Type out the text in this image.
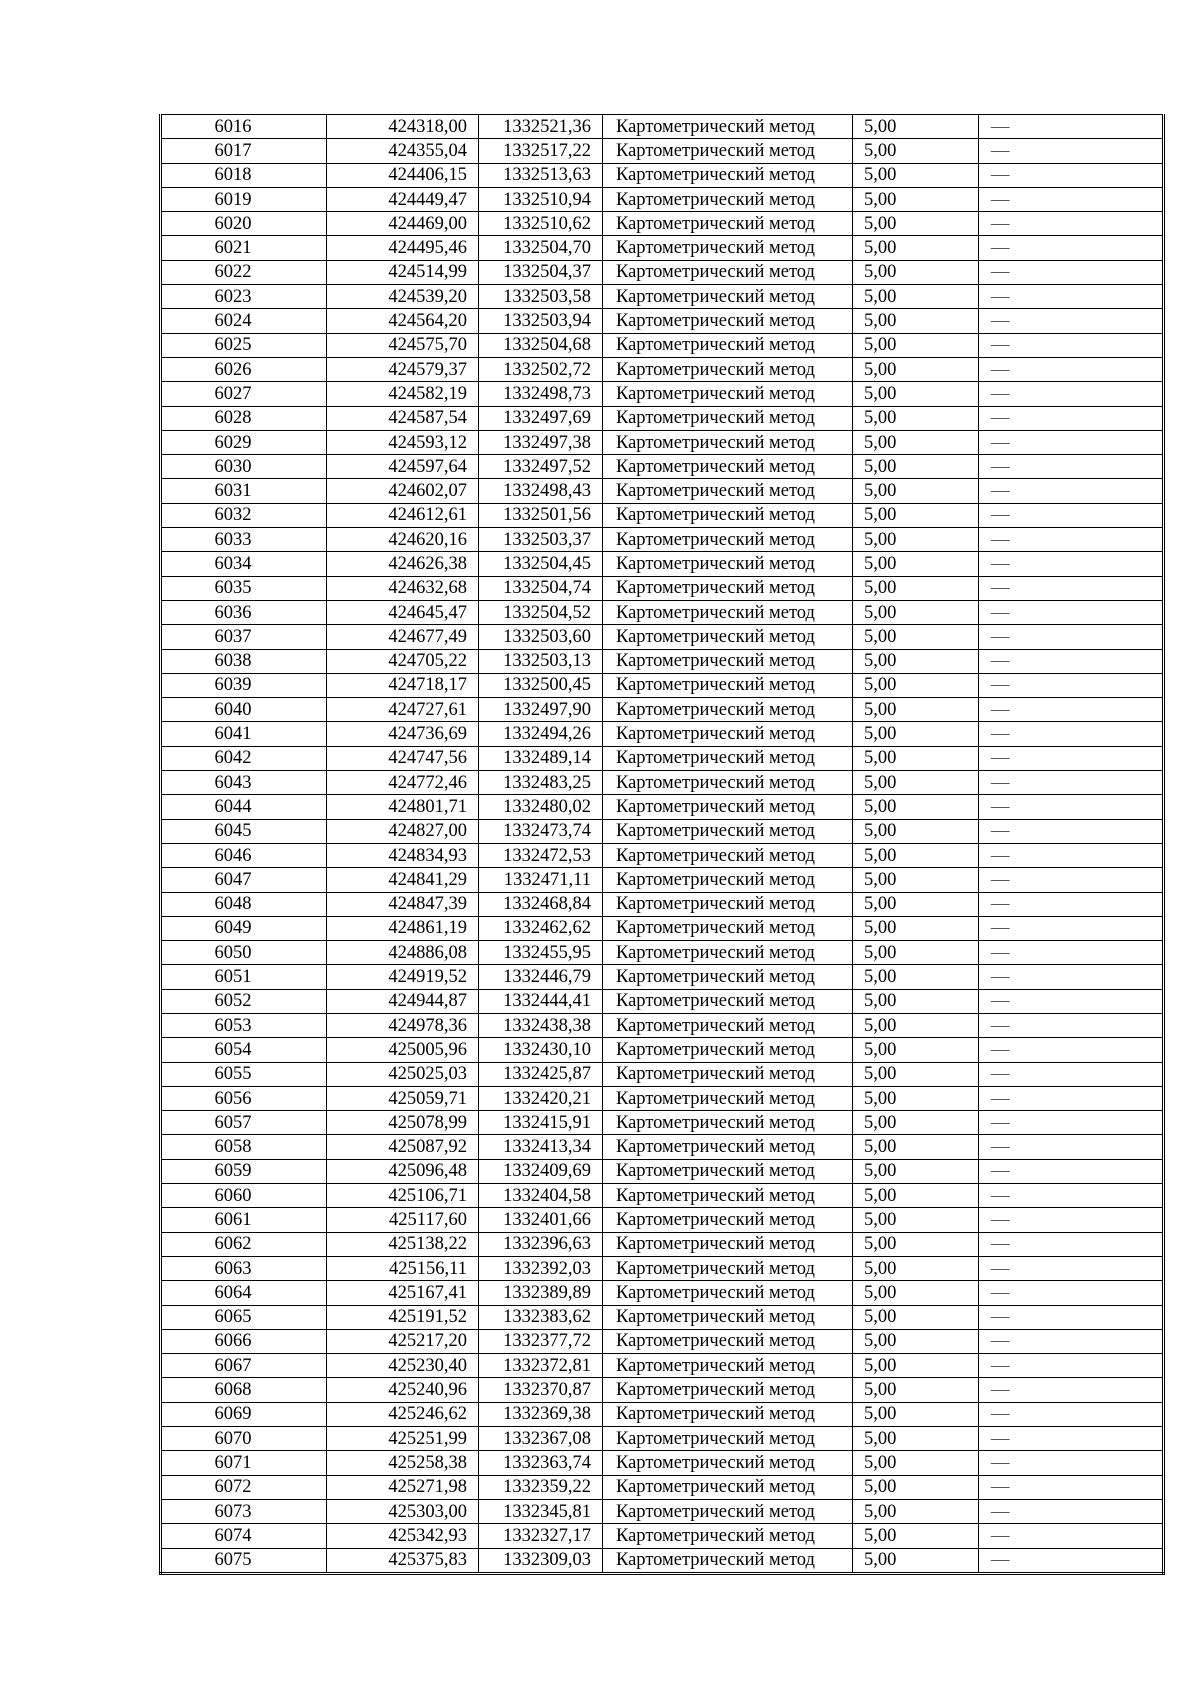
6016	424318,00	1332521,36	Картометрический метод	5,00	—
6017	424355,04	1332517,22	Картометрический метод	5,00	—
6018	424406,15	1332513,63	Картометрический метод	5,00	—
6019	424449,47	1332510,94	Картометрический метод	5,00	—
6020	424469,00	1332510,62	Картометрический метод	5,00	—
6021	424495,46	1332504,70	Картометрический метод	5,00	—
6022	424514,99	1332504,37	Картометрический метод	5,00	—
6023	424539,20	1332503,58	Картометрический метод	5,00	—
6024	424564,20	1332503,94	Картометрический метод	5,00	—
6025	424575,70	1332504,68	Картометрический метод	5,00	—
6026	424579,37	1332502,72	Картометрический метод	5,00	—
6027	424582,19	1332498,73	Картометрический метод	5,00	—
6028	424587,54	1332497,69	Картометрический метод	5,00	—
6029	424593,12	1332497,38	Картометрический метод	5,00	—
6030	424597,64	1332497,52	Картометрический метод	5,00	—
6031	424602,07	1332498,43	Картометрический метод	5,00	—
6032	424612,61	1332501,56	Картометрический метод	5,00	—
6033	424620,16	1332503,37	Картометрический метод	5,00	—
6034	424626,38	1332504,45	Картометрический метод	5,00	—
6035	424632,68	1332504,74	Картометрический метод	5,00	—
6036	424645,47	1332504,52	Картометрический метод	5,00	—
6037	424677,49	1332503,60	Картометрический метод	5,00	—
6038	424705,22	1332503,13	Картометрический метод	5,00	—
6039	424718,17	1332500,45	Картометрический метод	5,00	—
6040	424727,61	1332497,90	Картометрический метод	5,00	—
6041	424736,69	1332494,26	Картометрический метод	5,00	—
6042	424747,56	1332489,14	Картометрический метод	5,00	—
6043	424772,46	1332483,25	Картометрический метод	5,00	—
6044	424801,71	1332480,02	Картометрический метод	5,00	—
6045	424827,00	1332473,74	Картометрический метод	5,00	—
6046	424834,93	1332472,53	Картометрический метод	5,00	—
6047	424841,29	1332471,11	Картометрический метод	5,00	—
6048	424847,39	1332468,84	Картометрический метод	5,00	—
6049	424861,19	1332462,62	Картометрический метод	5,00	—
6050	424886,08	1332455,95	Картометрический метод	5,00	—
6051	424919,52	1332446,79	Картометрический метод	5,00	—
6052	424944,87	1332444,41	Картометрический метод	5,00	—
6053	424978,36	1332438,38	Картометрический метод	5,00	—
6054	425005,96	1332430,10	Картометрический метод	5,00	—
6055	425025,03	1332425,87	Картометрический метод	5,00	—
6056	425059,71	1332420,21	Картометрический метод	5,00	—
6057	425078,99	1332415,91	Картометрический метод	5,00	—
6058	425087,92	1332413,34	Картометрический метод	5,00	—
6059	425096,48	1332409,69	Картометрический метод	5,00	—
6060	425106,71	1332404,58	Картометрический метод	5,00	—
6061	425117,60	1332401,66	Картометрический метод	5,00	—
6062	425138,22	1332396,63	Картометрический метод	5,00	—
6063	425156,11	1332392,03	Картометрический метод	5,00	—
6064	425167,41	1332389,89	Картометрический метод	5,00	—
6065	425191,52	1332383,62	Картометрический метод	5,00	—
6066	425217,20	1332377,72	Картометрический метод	5,00	—
6067	425230,40	1332372,81	Картометрический метод	5,00	—
6068	425240,96	1332370,87	Картометрический метод	5,00	—
6069	425246,62	1332369,38	Картометрический метод	5,00	—
6070	425251,99	1332367,08	Картометрический метод	5,00	—
6071	425258,38	1332363,74	Картометрический метод	5,00	—
6072	425271,98	1332359,22	Картометрический метод	5,00	—
6073	425303,00	1332345,81	Картометрический метод	5,00	—
6074	425342,93	1332327,17	Картометрический метод	5,00	—
6075	425375,83	1332309,03	Картометрический метод	5,00	—
